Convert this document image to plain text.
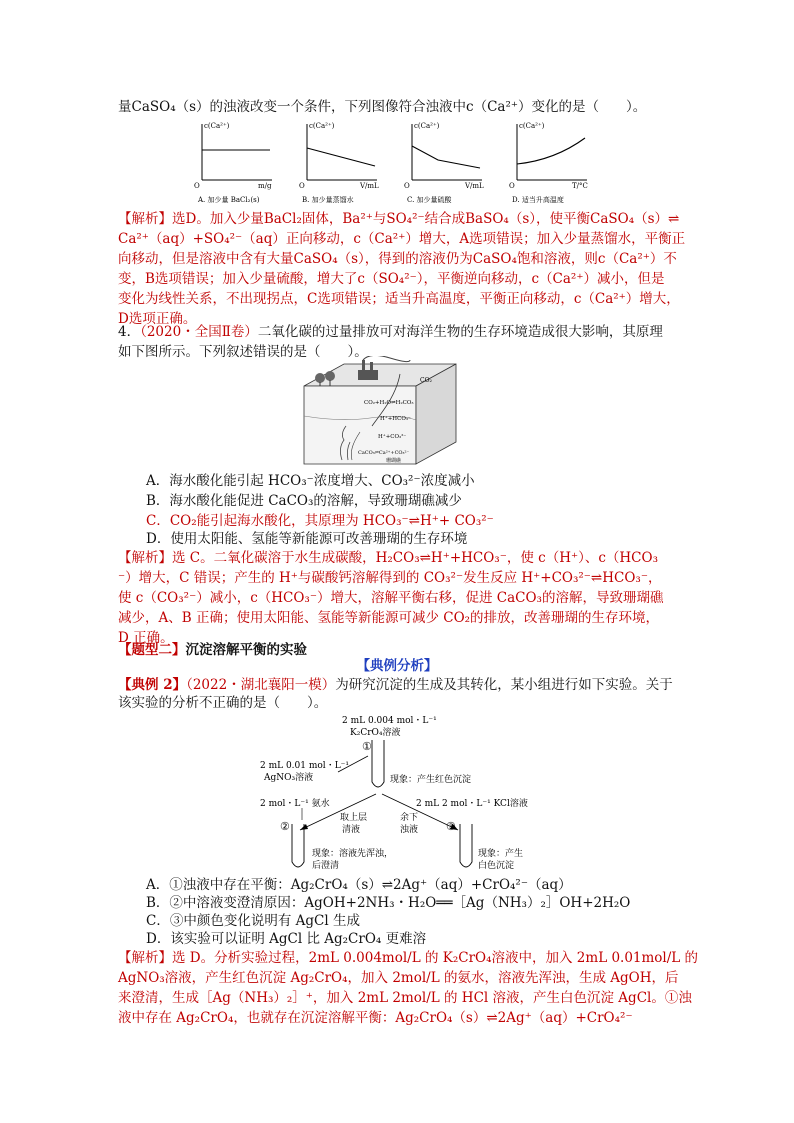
量CaSO₄（s）的浊液改变一个条件，下列图像符合浊液中c（Ca²⁺）变化的是（　　）。
c(Ca²⁺)
O	m/g
A. 加少量 BaCl₂(s)
c(Ca²⁺)
O	V/mL
B. 加少量蒸馏水
c(Ca²⁺)
O	V/mL
C. 加少量硫酸
c(Ca²⁺)
O	T/°C
D. 适当升高温度
【解析】选D。加入少量BaCl₂固体，Ba²⁺与SO₄²⁻结合成BaSO₄（s），使平衡CaSO₄（s）⇌
Ca²⁺（aq）+SO₄²⁻（aq）正向移动，c（Ca²⁺）增大，A选项错误；加入少量蒸馏水，平衡正
向移动，但是溶液中含有大量CaSO₄（s），得到的溶液仍为CaSO₄饱和溶液，则c（Ca²⁺）不
变，B选项错误；加入少量硫酸，增大了c（SO₄²⁻），平衡逆向移动，c（Ca²⁺）减小，但是
变化为线性关系，不出现拐点，C选项错误；适当升高温度，平衡正向移动，c（Ca²⁺）增大，
D选项正确。
4．（2020・全国Ⅱ卷）二氧化碳的过量排放可对海洋生物的生存环境造成很大影响，其原理
如下图所示。下列叙述错误的是（　　）。
CO₂
CO₂+H₂O⇌H₂CO₃
H⁺+HCO₃⁻
H⁺+CO₃²⁻
CaCO₃⇌Ca²⁺+CO₃²⁻
珊瑚礁
A．海水酸化能引起 HCO₃⁻浓度增大、CO₃²⁻浓度减小
B．海水酸化能促进 CaCO₃的溶解，导致珊瑚礁减少
C．CO₂能引起海水酸化，其原理为 HCO₃⁻⇌H⁺+ CO₃²⁻
D．使用太阳能、氢能等新能源可改善珊瑚的生存环境
【解析】选 C。二氧化碳溶于水生成碳酸，H₂CO₃⇌H⁺+HCO₃⁻，使 c（H⁺）、c（HCO₃
⁻）增大，C 错误；产生的 H⁺与碳酸钙溶解得到的 CO₃²⁻发生反应 H⁺+CO₃²⁻⇌HCO₃⁻，
使 c（CO₃²⁻）减小，c（HCO₃⁻）增大，溶解平衡右移，促进 CaCO₃的溶解，导致珊瑚礁
减少，A、B 正确；使用太阳能、氢能等新能源可减少 CO₂的排放，改善珊瑚的生存环境，
D 正确。
【题型二】沉淀溶解平衡的实验
【典例分析】
【典例 2】（2022・湖北襄阳一模）为研究沉淀的生成及其转化，某小组进行如下实验。关于
该实验的分析不正确的是（　　）。
2 mL 0.004 mol・L⁻¹
K₂CrO₄溶液
①
2 mL 0.01 mol・L⁻¹
AgNO₃溶液	现象：产生红色沉淀
2 mol・L⁻¹ 氨水	2 mL 2 mol・L⁻¹ KCl溶液
取上层
清液
余下
浊液
②	③
现象：溶液先浑浊，
后澄清
现象：产生
白色沉淀
A．①浊液中存在平衡：Ag₂CrO₄（s）⇌2Ag⁺（aq）+CrO₄²⁻（aq）
B．②中溶液变澄清原因：AgOH+2NH₃・H₂O══［Ag（NH₃）₂］OH+2H₂O
C．③中颜色变化说明有 AgCl 生成
D．该实验可以证明 AgCl 比 Ag₂CrO₄ 更难溶
【解析】选 D。分析实验过程，2mL 0.004mol/L 的 K₂CrO₄溶液中，加入 2mL 0.01mol/L 的
AgNO₃溶液，产生红色沉淀 Ag₂CrO₄，加入 2mol/L 的氨水，溶液先浑浊，生成 AgOH，后
来澄清，生成［Ag（NH₃）₂］⁺，加入 2mL 2mol/L 的 HCl 溶液，产生白色沉淀 AgCl。①浊
液中存在 Ag₂CrO₄，也就存在沉淀溶解平衡：Ag₂CrO₄（s）⇌2Ag⁺（aq）+CrO₄²⁻
